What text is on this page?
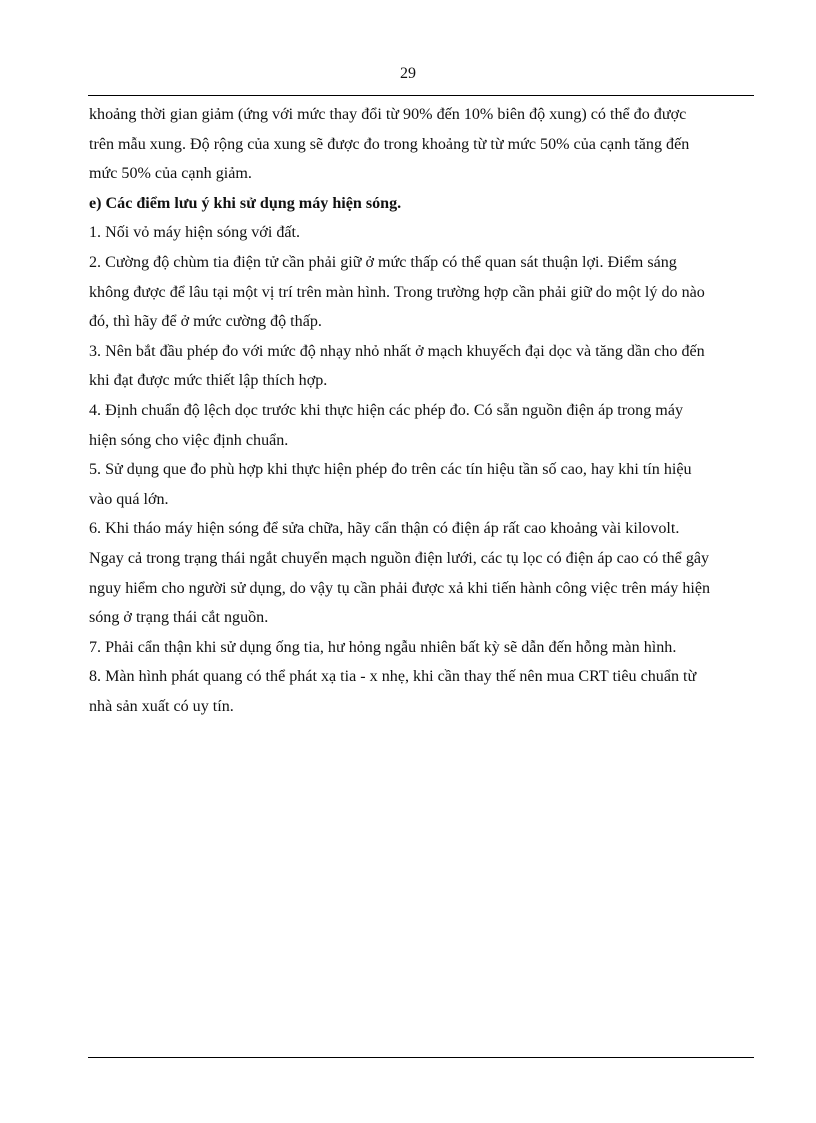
29

khoảng thời gian giảm (ứng với mức thay đổi từ 90% đến 10% biên độ xung) có thể đo được

trên mẫu xung. Độ rộng của xung sẽ được đo trong khoảng từ từ mức 50% của cạnh tăng đến

mức 50% của cạnh giảm.

e) Các điểm lưu ý khi sử dụng máy hiện sóng.

1. Nối vỏ máy hiện sóng với đất.

2. Cường độ chùm tia điện tử cần phải giữ ở mức thấp có thể quan sát thuận lợi. Điểm sáng

không được để lâu tại một vị trí trên màn hình. Trong trường hợp cần phải giữ do một lý do nào

đó, thì hãy để ở mức cường độ thấp.

3. Nên bắt đầu phép đo với mức độ nhạy nhỏ nhất ở mạch khuyếch đại dọc và tăng dần cho đến

khi đạt được mức thiết lập thích hợp.

4. Định chuẩn độ lệch dọc trước khi thực hiện các phép đo. Có sẵn nguồn điện áp trong máy

hiện sóng cho việc định chuẩn.

5. Sử dụng que đo phù hợp khi thực hiện phép đo trên các tín hiệu tần số cao, hay khi tín hiệu

vào quá lớn.

6. Khi tháo máy hiện sóng để sửa chữa, hãy cẩn thận có điện áp rất cao khoảng vài kilovolt.

Ngay cả trong trạng thái ngắt chuyển mạch nguồn điện lưới, các tụ lọc có điện áp cao có thể gây

nguy hiểm cho người sử dụng, do vậy tụ cần phải được xả khi tiến hành công việc trên máy hiện

sóng ở trạng thái cắt nguồn.

7. Phải cẩn thận khi sử dụng ống tia, hư hỏng ngẫu nhiên bất kỳ sẽ dẫn đến hỗng màn hình.

8. Màn hình phát quang có thể phát xạ tia - x nhẹ, khi cần thay thế nên mua CRT tiêu chuẩn từ

nhà sản xuất có uy tín.
